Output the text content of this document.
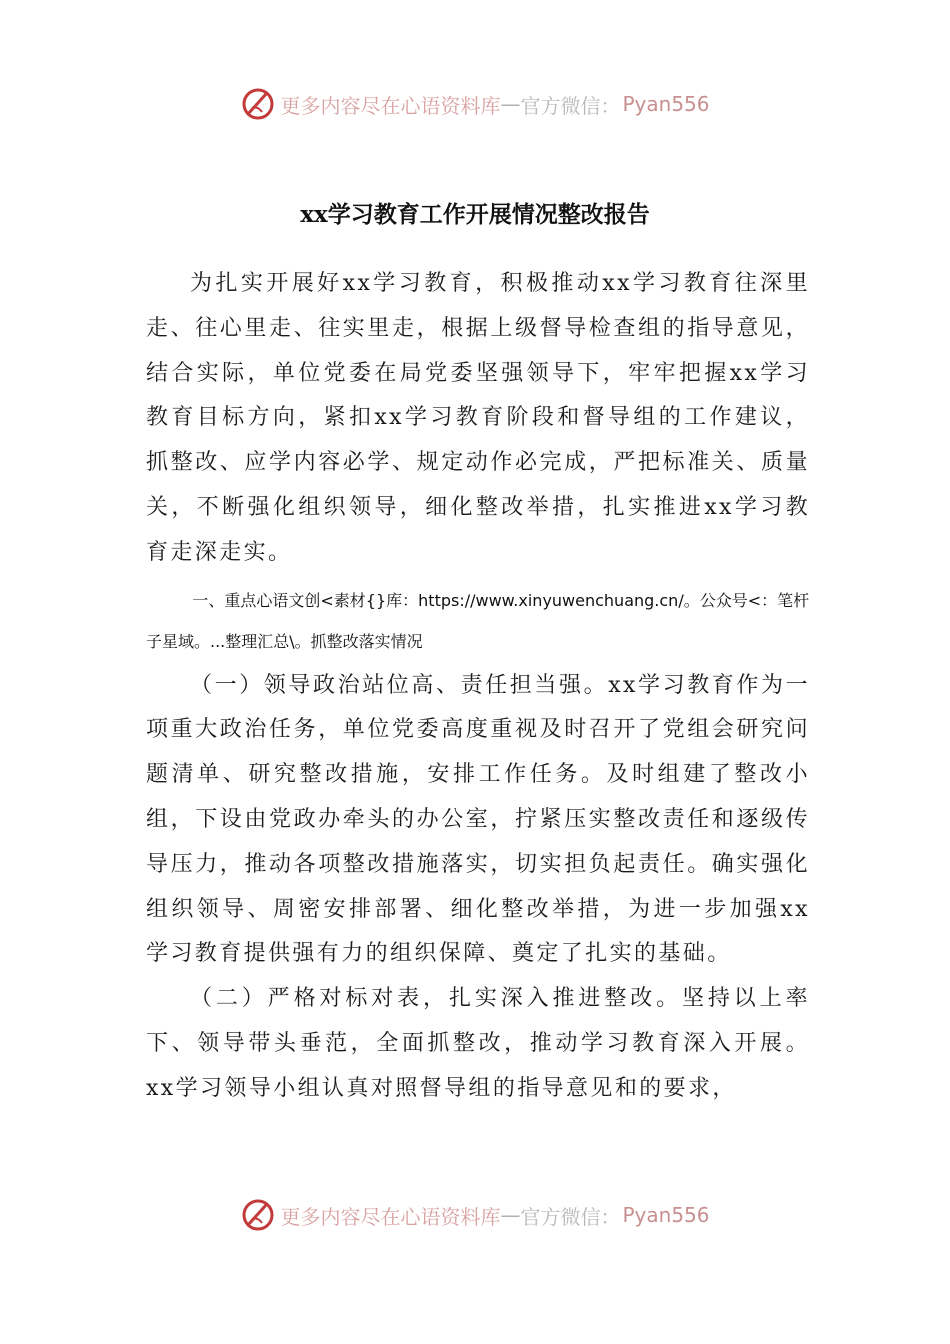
更多内容尽在心语资料库 — 官方微信： Pyan556
xx学习教育工作开展情况整改报告

为扎实开展好xx学习教育，积极推动xx学习教育往深里走、往心里走、往实里走，根据上级督导检查组的指导意见，结合实际，单位党委在局党委坚强领导下，牢牢把握xx学习教育目标方向，紧扣xx学习教育阶段和督导组的工作建议，抓整改、应学内容必学、规定动作必完成，严把标准关、质量关，不断强化组织领导，细化整改举措，扎实推进xx学习教育走深走实。

一、重点心语文创<素材{}库：https://www.xinyuwenchuang.cn/。公众号<：笔杆子星域。...整理汇总\。抓整改落实情况

（一）领导政治站位高、责任担当强。xx学习教育作为一项重大政治任务，单位党委高度重视及时召开了党组会研究问题清单、研究整改措施，安排工作任务。及时组建了整改小组，下设由党政办牵头的办公室，拧紧压实整改责任和逐级传导压力，推动各项整改措施落实，切实担负起责任。确实强化组织领导、周密安排部署、细化整改举措，为进一步加强xx学习教育提供强有力的组织保障、奠定了扎实的基础。

（二）严格对标对表，扎实深入推进整改。坚持以上率下、领导带头垂范，全面抓整改，推动学习教育深入开展。xx学习领导小组认真对照督导组的指导意见和的要求，

更多内容尽在心语资料库 — 官方微信： Pyan556
